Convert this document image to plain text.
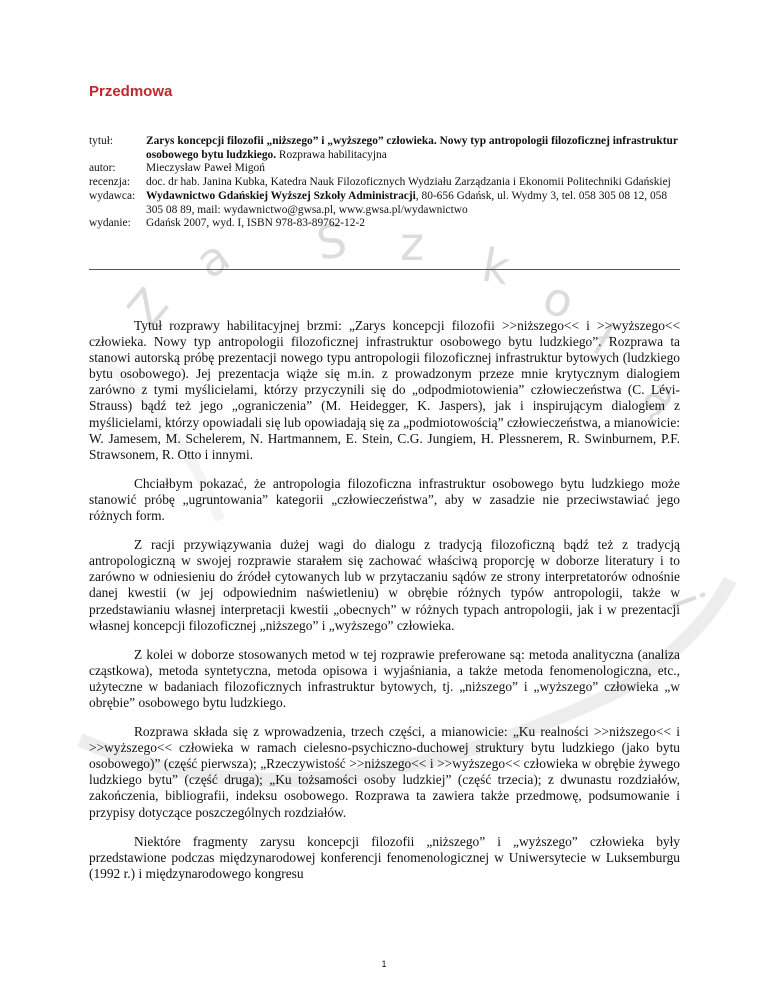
Z
a S z k
o
ł
ą
i
Przedmowa
tytuł:	Zarys koncepcji filozofii „niższego” i „wyższego” człowieka. Nowy typ antropologii filozoficznej infrastruktur osobowego bytu ludzkiego. Rozprawa habilitacyjna
autor:	Mieczysław Paweł Migoń
recenzja:	doc. dr hab. Janina Kubka, Katedra Nauk Filozoficznych Wydziału Zarządzania i Ekonomii Politechniki Gdańskiej
wydawca: Wydawnictwo Gdańskiej Wyższej Szkoły Administracji, 80-656 Gdańsk, ul. Wydmy 3, tel. 058 305 08 12, 058 305 08 89, mail: wydawnictwo@gwsa.pl, www.gwsa.pl/wydawnictwo
wydanie:	Gdańsk 2007, wyd. I, ISBN 978-83-89762-12-2

Tytuł rozprawy habilitacyjnej brzmi: „Zarys koncepcji filozofii >>niższego<< i >>wyższego<< człowieka. Nowy typ antropologii filozoficznej infrastruktur osobowego bytu ludzkiego”. Rozprawa ta stanowi autorską próbę prezentacji nowego typu antropologii filozoficznej infrastruktur bytowych (ludzkiego bytu osobowego). Jej prezentacja wiąże się m.in. z prowadzonym przeze mnie krytycznym dialogiem zarówno z tymi myślicielami, którzy przyczynili się do „odpodmiotowienia” człowieczeństwa (C. Lévi-Strauss) bądź też jego „ograniczenia” (M. Heidegger, K. Jaspers), jak i inspirującym dialogiem z myślicielami, którzy opowiadali się lub opowiadają się za „podmiotowością” człowieczeństwa, a mianowicie: W. Jamesem, M. Schelerem, N. Hartmannem, E. Stein, C.G. Jungiem, H. Plessnerem, R. Swinburnem, P.F. Strawsonem, R. Otto i innymi.

Chciałbym pokazać, że antropologia filozoficzna infrastruktur osobowego bytu ludzkiego może stanowić próbę „ugruntowania” kategorii „człowieczeństwa”, aby w zasadzie nie przeciwstawiać jego różnych form.

Z racji przywiązywania dużej wagi do dialogu z tradycją filozoficzną bądź też z tradycją antropologiczną w swojej rozprawie starałem się zachować właściwą proporcję w doborze literatury i to zarówno w odniesieniu do źródeł cytowanych lub w przytaczaniu sądów ze strony interpretatorów odnośnie danej kwestii (w jej odpowiednim naświetleniu) w obrębie różnych typów antropologii, także w przedstawianiu własnej interpretacji kwestii „obecnych” w różnych typach antropologii, jak i w prezentacji własnej koncepcji filozoficznej „niższego” i „wyższego” człowieka.

Z kolei w doborze stosowanych metod w tej rozprawie preferowane są: metoda analityczna (analiza cząstkowa), metoda syntetyczna, metoda opisowa i wyjaśniania, a także metoda fenomenologiczna, etc., użyteczne w badaniach filozoficznych infrastruktur bytowych, tj. „niższego” i „wyższego” człowieka „w obrębie” osobowego bytu ludzkiego.

Rozprawa składa się z wprowadzenia, trzech części, a mianowicie: „Ku realności >>niższego<< i >>wyższego<< człowieka w ramach cielesno-psychiczno-duchowej struktury bytu ludzkiego (jako bytu osobowego)” (część pierwsza); „Rzeczywistość >>niższego<< i >>wyższego<< człowieka w obrębie żywego ludzkiego bytu” (część druga); „Ku tożsamości osoby ludzkiej” (część trzecia); z dwunastu rozdziałów, zakończenia, bibliografii, indeksu osobowego. Rozprawa ta zawiera także przedmowę, podsumowanie i przypisy dotyczące poszczególnych rozdziałów.

Niektóre fragmenty zarysu koncepcji filozofii „niższego” i „wyższego” człowieka były przedstawione podczas międzynarodowej konferencji fenomenologicznej w Uniwersytecie w Luksemburgu (1992 r.) i międzynarodowego kongresu

1
